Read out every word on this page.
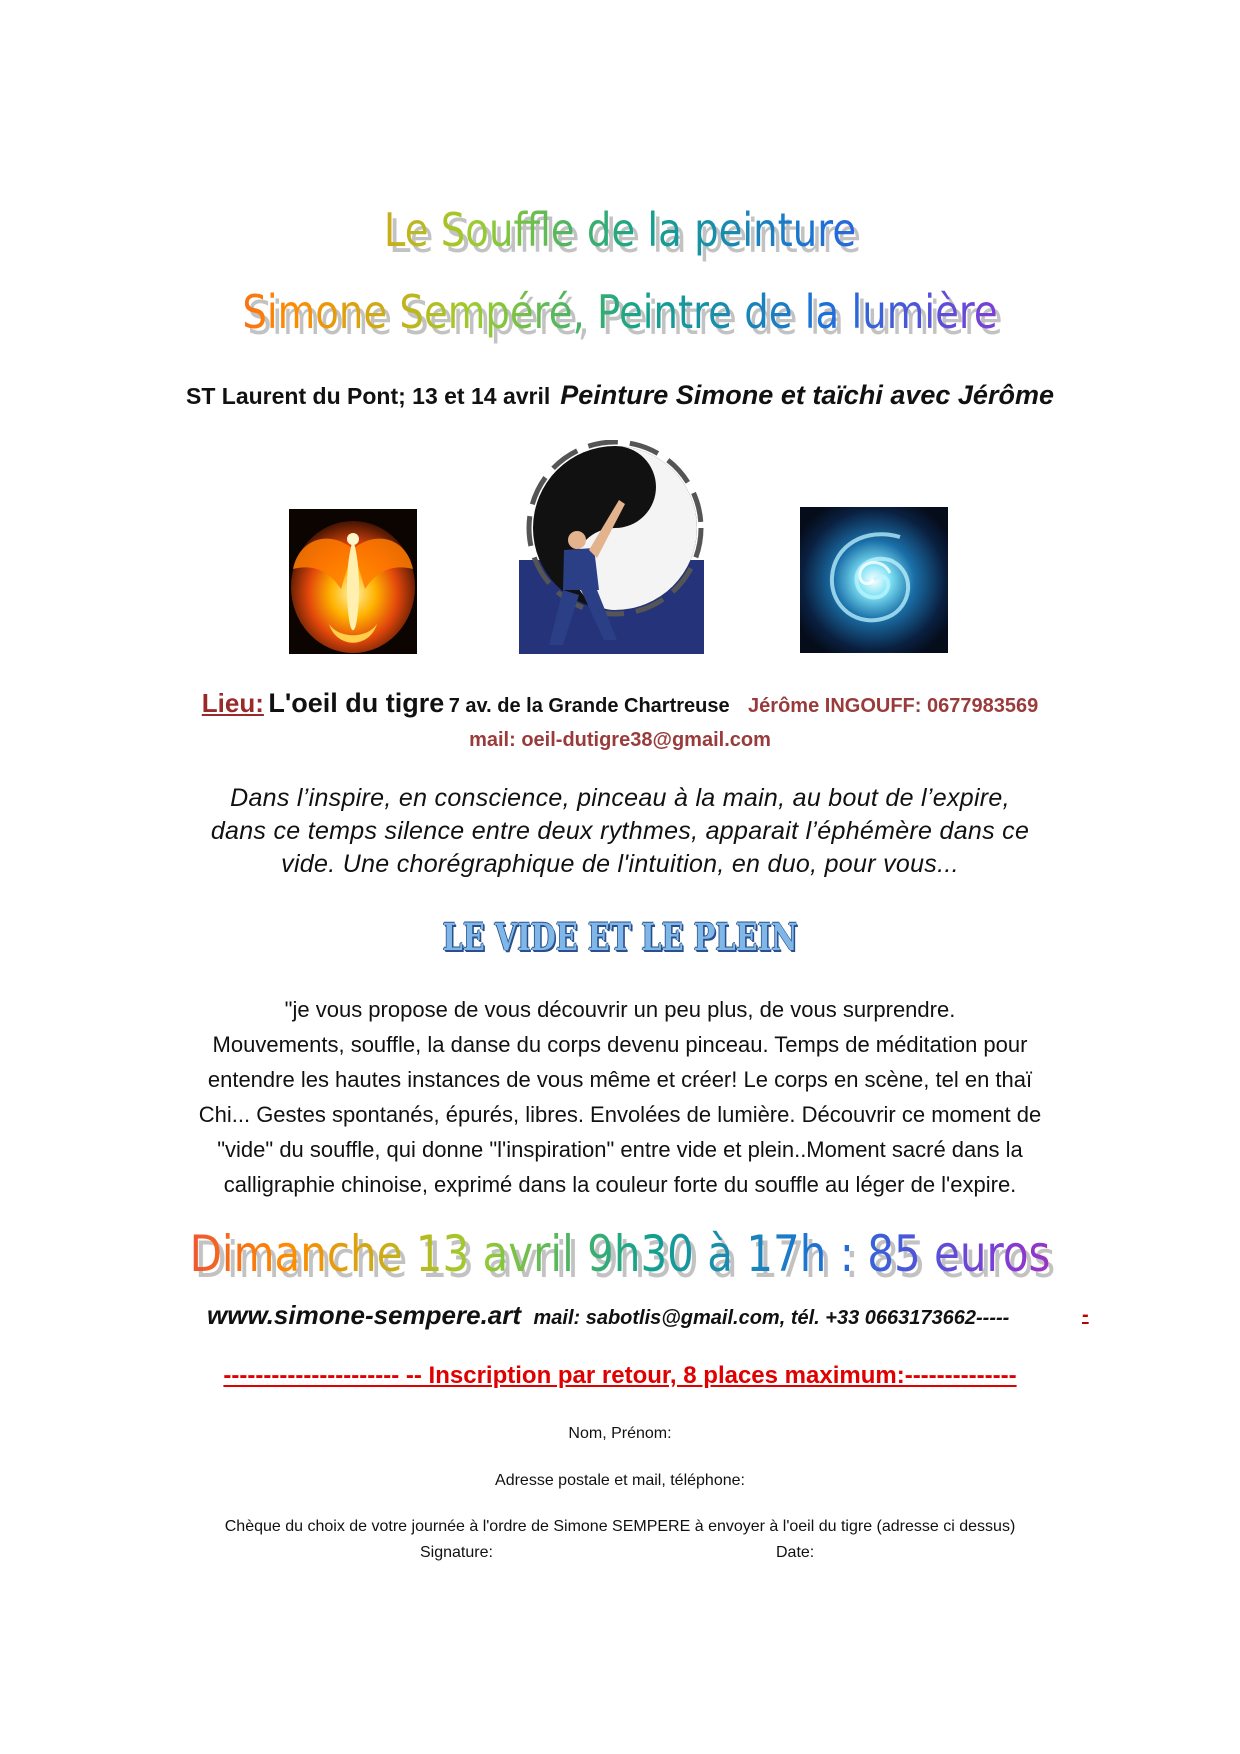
Le Souffle de la peinture
Simone Sempéré, Peintre de la lumière
ST Laurent du Pont; 13 et 14 avril Peinture Simone et taïchi avec Jérôme
Lieu: L'oeil du tigre 7 av. de la Grande Chartreuse Jérôme INGOUFF: 0677983569
mail: oeil-dutigre38@gmail.com
Dans l’inspire, en conscience, pinceau à la main, au bout de l’expire,
dans ce temps silence entre deux rythmes, apparait l’éphémère dans ce
vide. Une chorégraphique de l'intuition, en duo, pour vous...
LE VIDE ET LE PLEIN
"je vous propose de vous découvrir un peu plus, de vous surprendre.
Mouvements, souffle, la danse du corps devenu pinceau. Temps de méditation pour
entendre les hautes instances de vous même et créer! Le corps en scène, tel en thaï
Chi... Gestes spontanés, épurés, libres. Envolées de lumière. Découvrir ce moment de
"vide" du souffle, qui donne "l'inspiration" entre vide et plein..Moment sacré dans la
calligraphie chinoise, exprimé dans la couleur forte du souffle au léger de l'expire.
Dimanche 13 avril 9h30 à 17h : 85 euros
www.simone-sempere.art mail: sabotlis@gmail.com, tél. +33 0663173662-----	-
---------------------- -- Inscription par retour, 8 places maximum:--------------
Nom, Prénom:
Adresse postale et mail, téléphone:
Chèque du choix de votre journée à l'ordre de Simone SEMPERE à envoyer à l'oeil du tigre (adresse ci dessus)
Signature:	Date:
